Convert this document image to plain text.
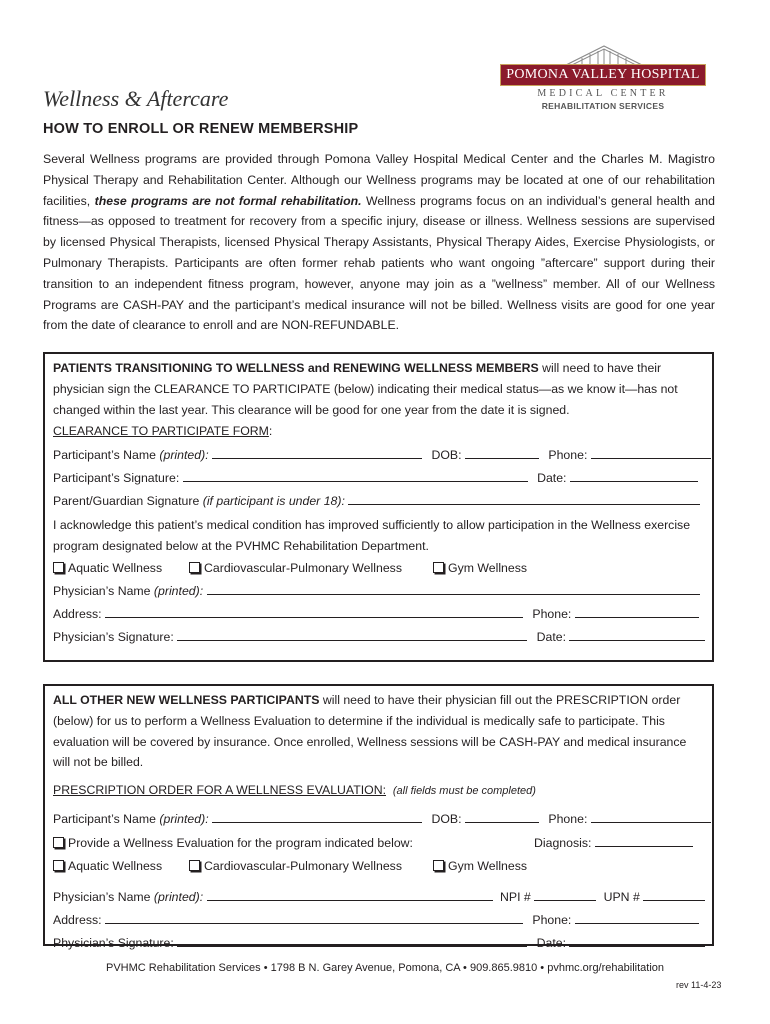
POMONA VALLEY HOSPITAL
MEDICAL CENTER
REHABILITATION SERVICES
Wellness & Aftercare
HOW TO ENROLL OR RENEW MEMBERSHIP
Several Wellness programs are provided through Pomona Valley Hospital Medical Center and the Charles M. Magistro Physical Therapy and Rehabilitation Center. Although our Wellness programs may be located at one of our rehabilitation facilities, these programs are not formal rehabilitation. Wellness programs focus on an individual’s general health and fitness—as opposed to treatment for recovery from a specific injury, disease or illness. Wellness sessions are supervised by licensed Physical Therapists, licensed Physical Therapy Assistants, Physical Therapy Aides, Exercise Physiologists, or Pulmonary Therapists. Participants are often former rehab patients who want ongoing ”aftercare” support during their transition to an independent fitness program, however, anyone may join as a ”wellness” member. All of our Wellness Programs are CASH-PAY and the participant’s medical insurance will not be billed. Wellness visits are good for one year from the date of clearance to enroll and are NON-REFUNDABLE.
PATIENTS TRANSITIONING TO WELLNESS and RENEWING WELLNESS MEMBERS will need to have their physician sign the CLEARANCE TO PARTICIPATE (below) indicating their medical status—as we know it—has not changed within the last year. This clearance will be good for one year from the date it is signed.
CLEARANCE TO PARTICIPATE FORM:
Participant’s Name (printed):	DOB:	Phone:
Participant’s Signature:	Date:
Parent/Guardian Signature (if participant is under 18):
I acknowledge this patient’s medical condition has improved sufficiently to allow participation in the Wellness exercise program designated below at the PVHMC Rehabilitation Department.
Aquatic Wellness	Cardiovascular-Pulmonary Wellness	Gym Wellness
Physician’s Name (printed):
Address:	Phone:
Physician’s Signature:	Date:
ALL OTHER NEW WELLNESS PARTICIPANTS will need to have their physician fill out the PRESCRIPTION order (below) for us to perform a Wellness Evaluation to determine if the individual is medically safe to participate. This evaluation will be covered by insurance. Once enrolled, Wellness sessions will be CASH-PAY and medical insurance will not be billed.
PRESCRIPTION ORDER FOR A WELLNESS EVALUATION: (all fields must be completed)
Participant’s Name (printed):	DOB:	Phone:
Provide a Wellness Evaluation for the program indicated below:	Diagnosis:
Aquatic Wellness	Cardiovascular-Pulmonary Wellness	Gym Wellness
Physician’s Name (printed):	NPI #	UPN #
Address:	Phone:
Physician’s Signature:	Date:
PVHMC Rehabilitation Services • 1798 B N. Garey Avenue, Pomona, CA • 909.865.9810 • pvhmc.org/rehabilitation
rev 11-4-23
